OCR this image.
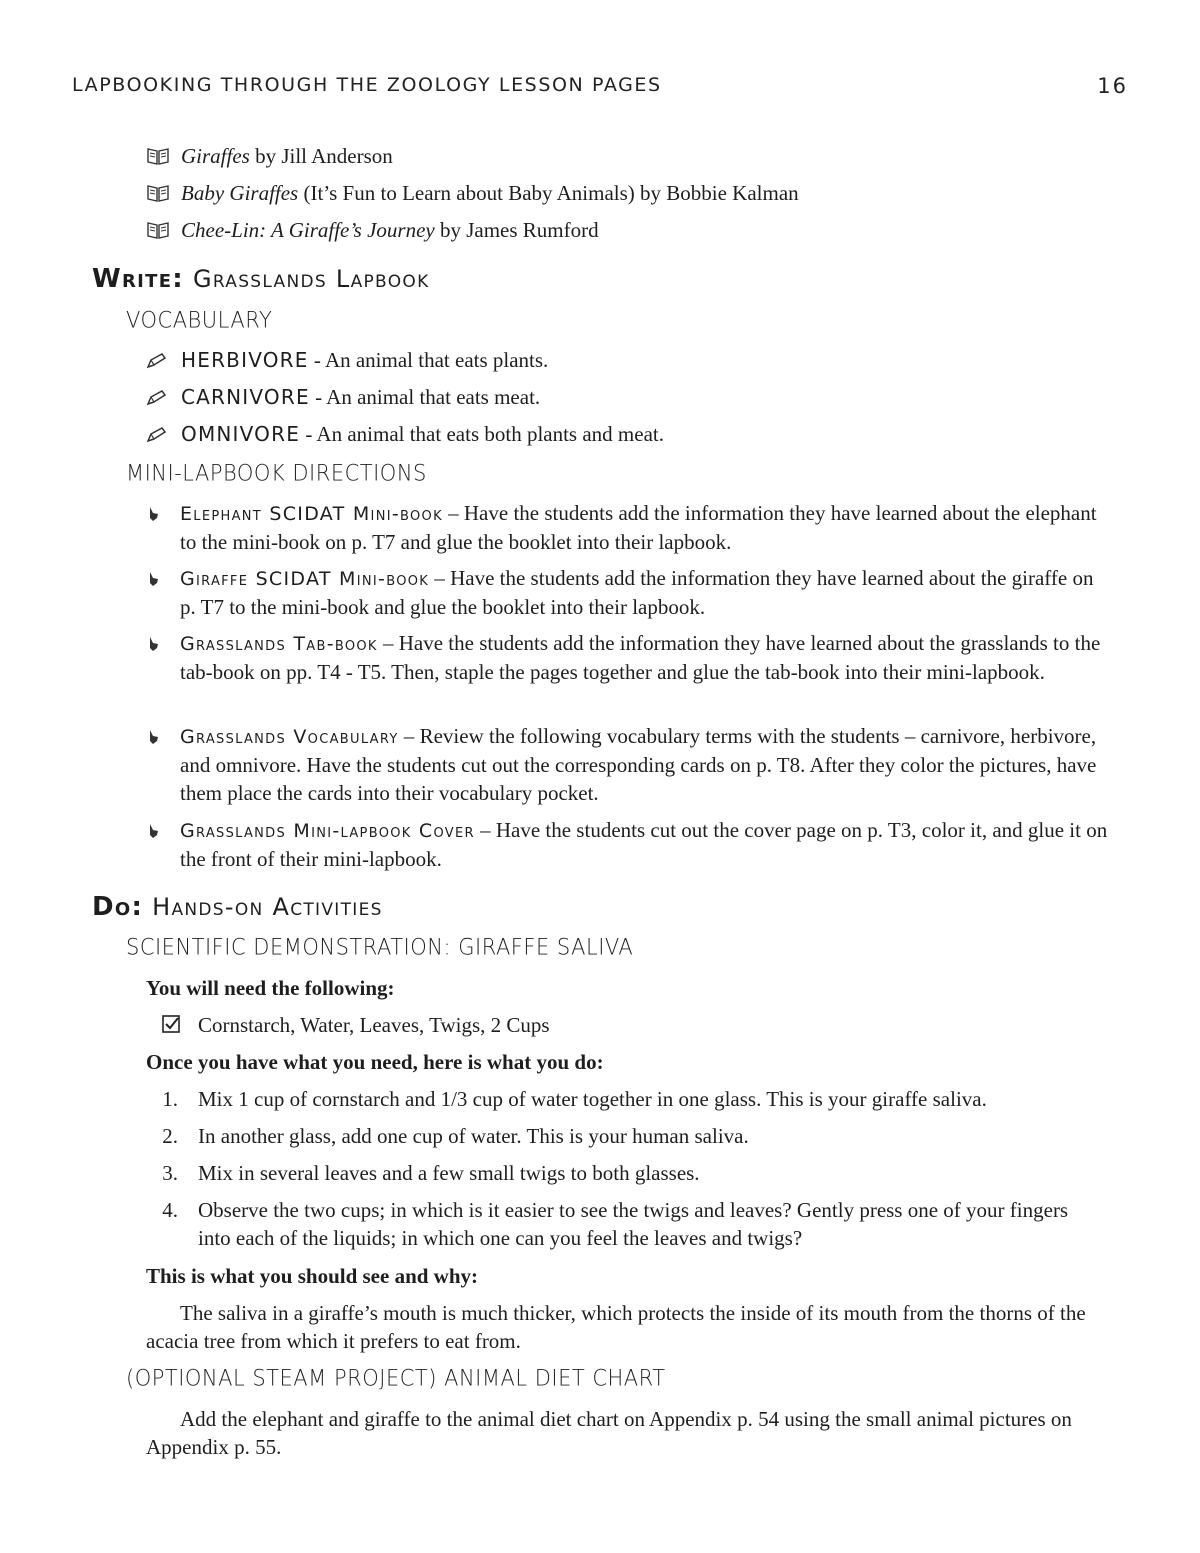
LAPBOOKING THROUGH THE ZOOLOGY LESSON PAGES	16
Giraffes by Jill Anderson
Baby Giraffes (It’s Fun to Learn about Baby Animals) by Bobbie Kalman
Chee-Lin: A Giraffe’s Journey by James Rumford
Write: Grasslands Lapbook
VOCABULARY
HERBIVORE - An animal that eats plants.
CARNIVORE - An animal that eats meat.
OMNIVORE - An animal that eats both plants and meat.
MINI-LAPBOOK DIRECTIONS
Elephant SCIDAT Mini-book – Have the students add the information they have learned about the elephant to the mini-book on p. T7 and glue the booklet into their lapbook.
Giraffe SCIDAT Mini-book – Have the students add the information they have learned about the giraffe on p. T7 to the mini-book and glue the booklet into their lapbook.
Grasslands Tab-book – Have the students add the information they have learned about the grasslands to the tab-book on pp. T4 - T5. Then, staple the pages together and glue the tab-book into their mini-lapbook.
Grasslands Vocabulary – Review the following vocabulary terms with the students – carnivore, herbivore, and omnivore. Have the students cut out the corresponding cards on p. T8. After they color the pictures, have them place the cards into their vocabulary pocket.
Grasslands Mini-lapbook Cover – Have the students cut out the cover page on p. T3, color it, and glue it on the front of their mini-lapbook.
Do: Hands-on Activities
SCIENTIFIC DEMONSTRATION: GIRAFFE SALIVA
You will need the following:
Cornstarch, Water, Leaves, Twigs, 2 Cups
Once you have what you need, here is what you do:
1. Mix 1 cup of cornstarch and 1/3 cup of water together in one glass. This is your giraffe saliva.
2. In another glass, add one cup of water. This is your human saliva.
3. Mix in several leaves and a few small twigs to both glasses.
4. Observe the two cups; in which is it easier to see the twigs and leaves? Gently press one of your fingers into each of the liquids; in which one can you feel the leaves and twigs?
This is what you should see and why:
The saliva in a giraffe’s mouth is much thicker, which protects the inside of its mouth from the thorns of the acacia tree from which it prefers to eat from.
(OPTIONAL STEAM PROJECT) ANIMAL DIET CHART
Add the elephant and giraffe to the animal diet chart on Appendix p. 54 using the small animal pictures on Appendix p. 55.
